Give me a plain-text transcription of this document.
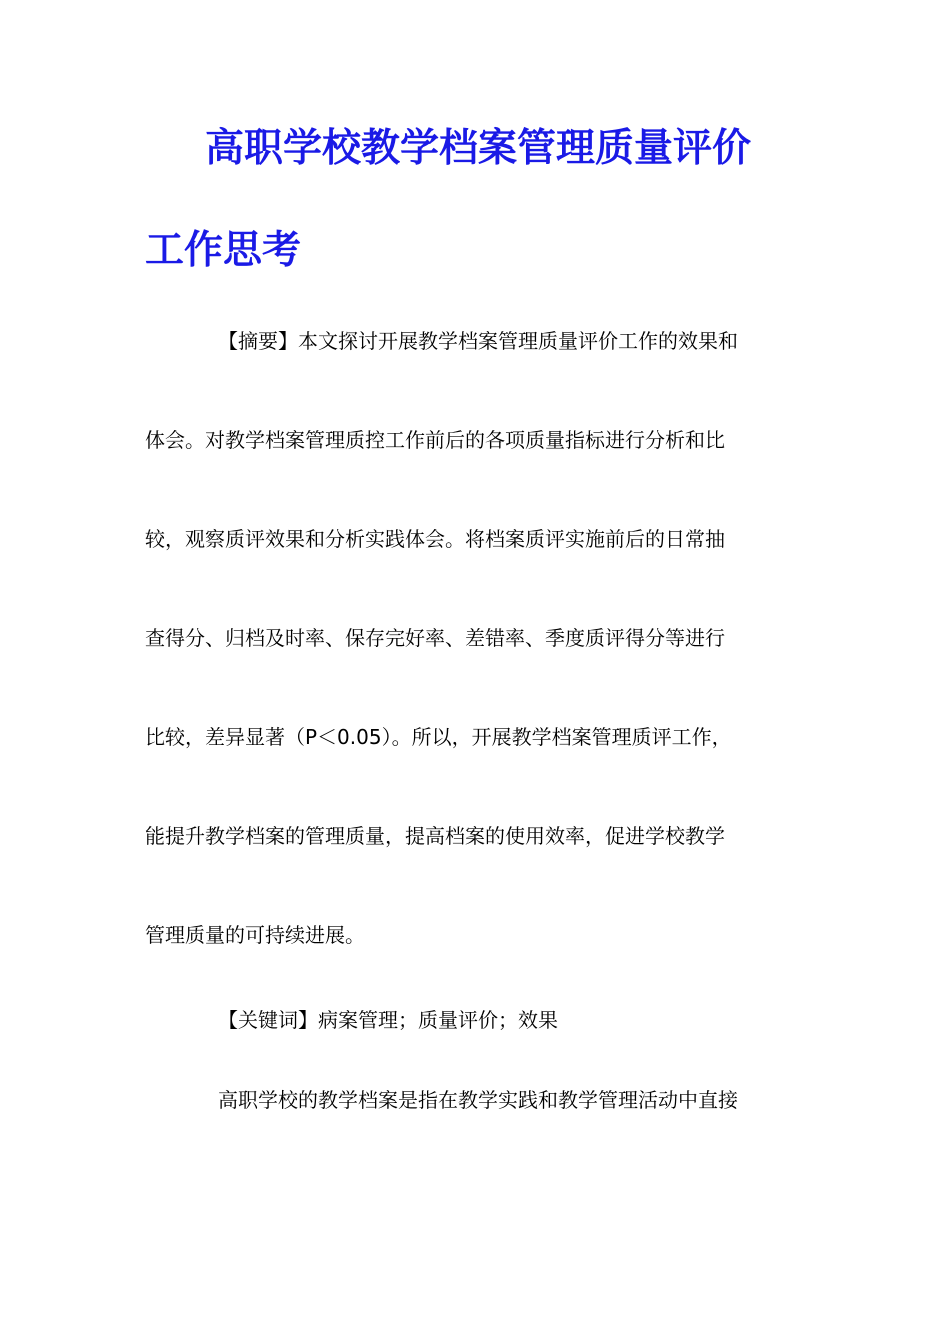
高职学校教学档案管理质量评价
工作思考
【摘要】本文探讨开展教学档案管理质量评价工作的效果和
体会。对教学档案管理质控工作前后的各项质量指标进行分析和比
较，观察质评效果和分析实践体会。将档案质评实施前后的日常抽
查得分、归档及时率、保存完好率、差错率、季度质评得分等进行
比较，差异显著（P＜0.05）。所以，开展教学档案管理质评工作，
能提升教学档案的管理质量，提高档案的使用效率，促进学校教学
管理质量的可持续进展。
【关键词】病案管理；质量评价；效果
高职学校的教学档案是指在教学实践和教学管理活动中直接
